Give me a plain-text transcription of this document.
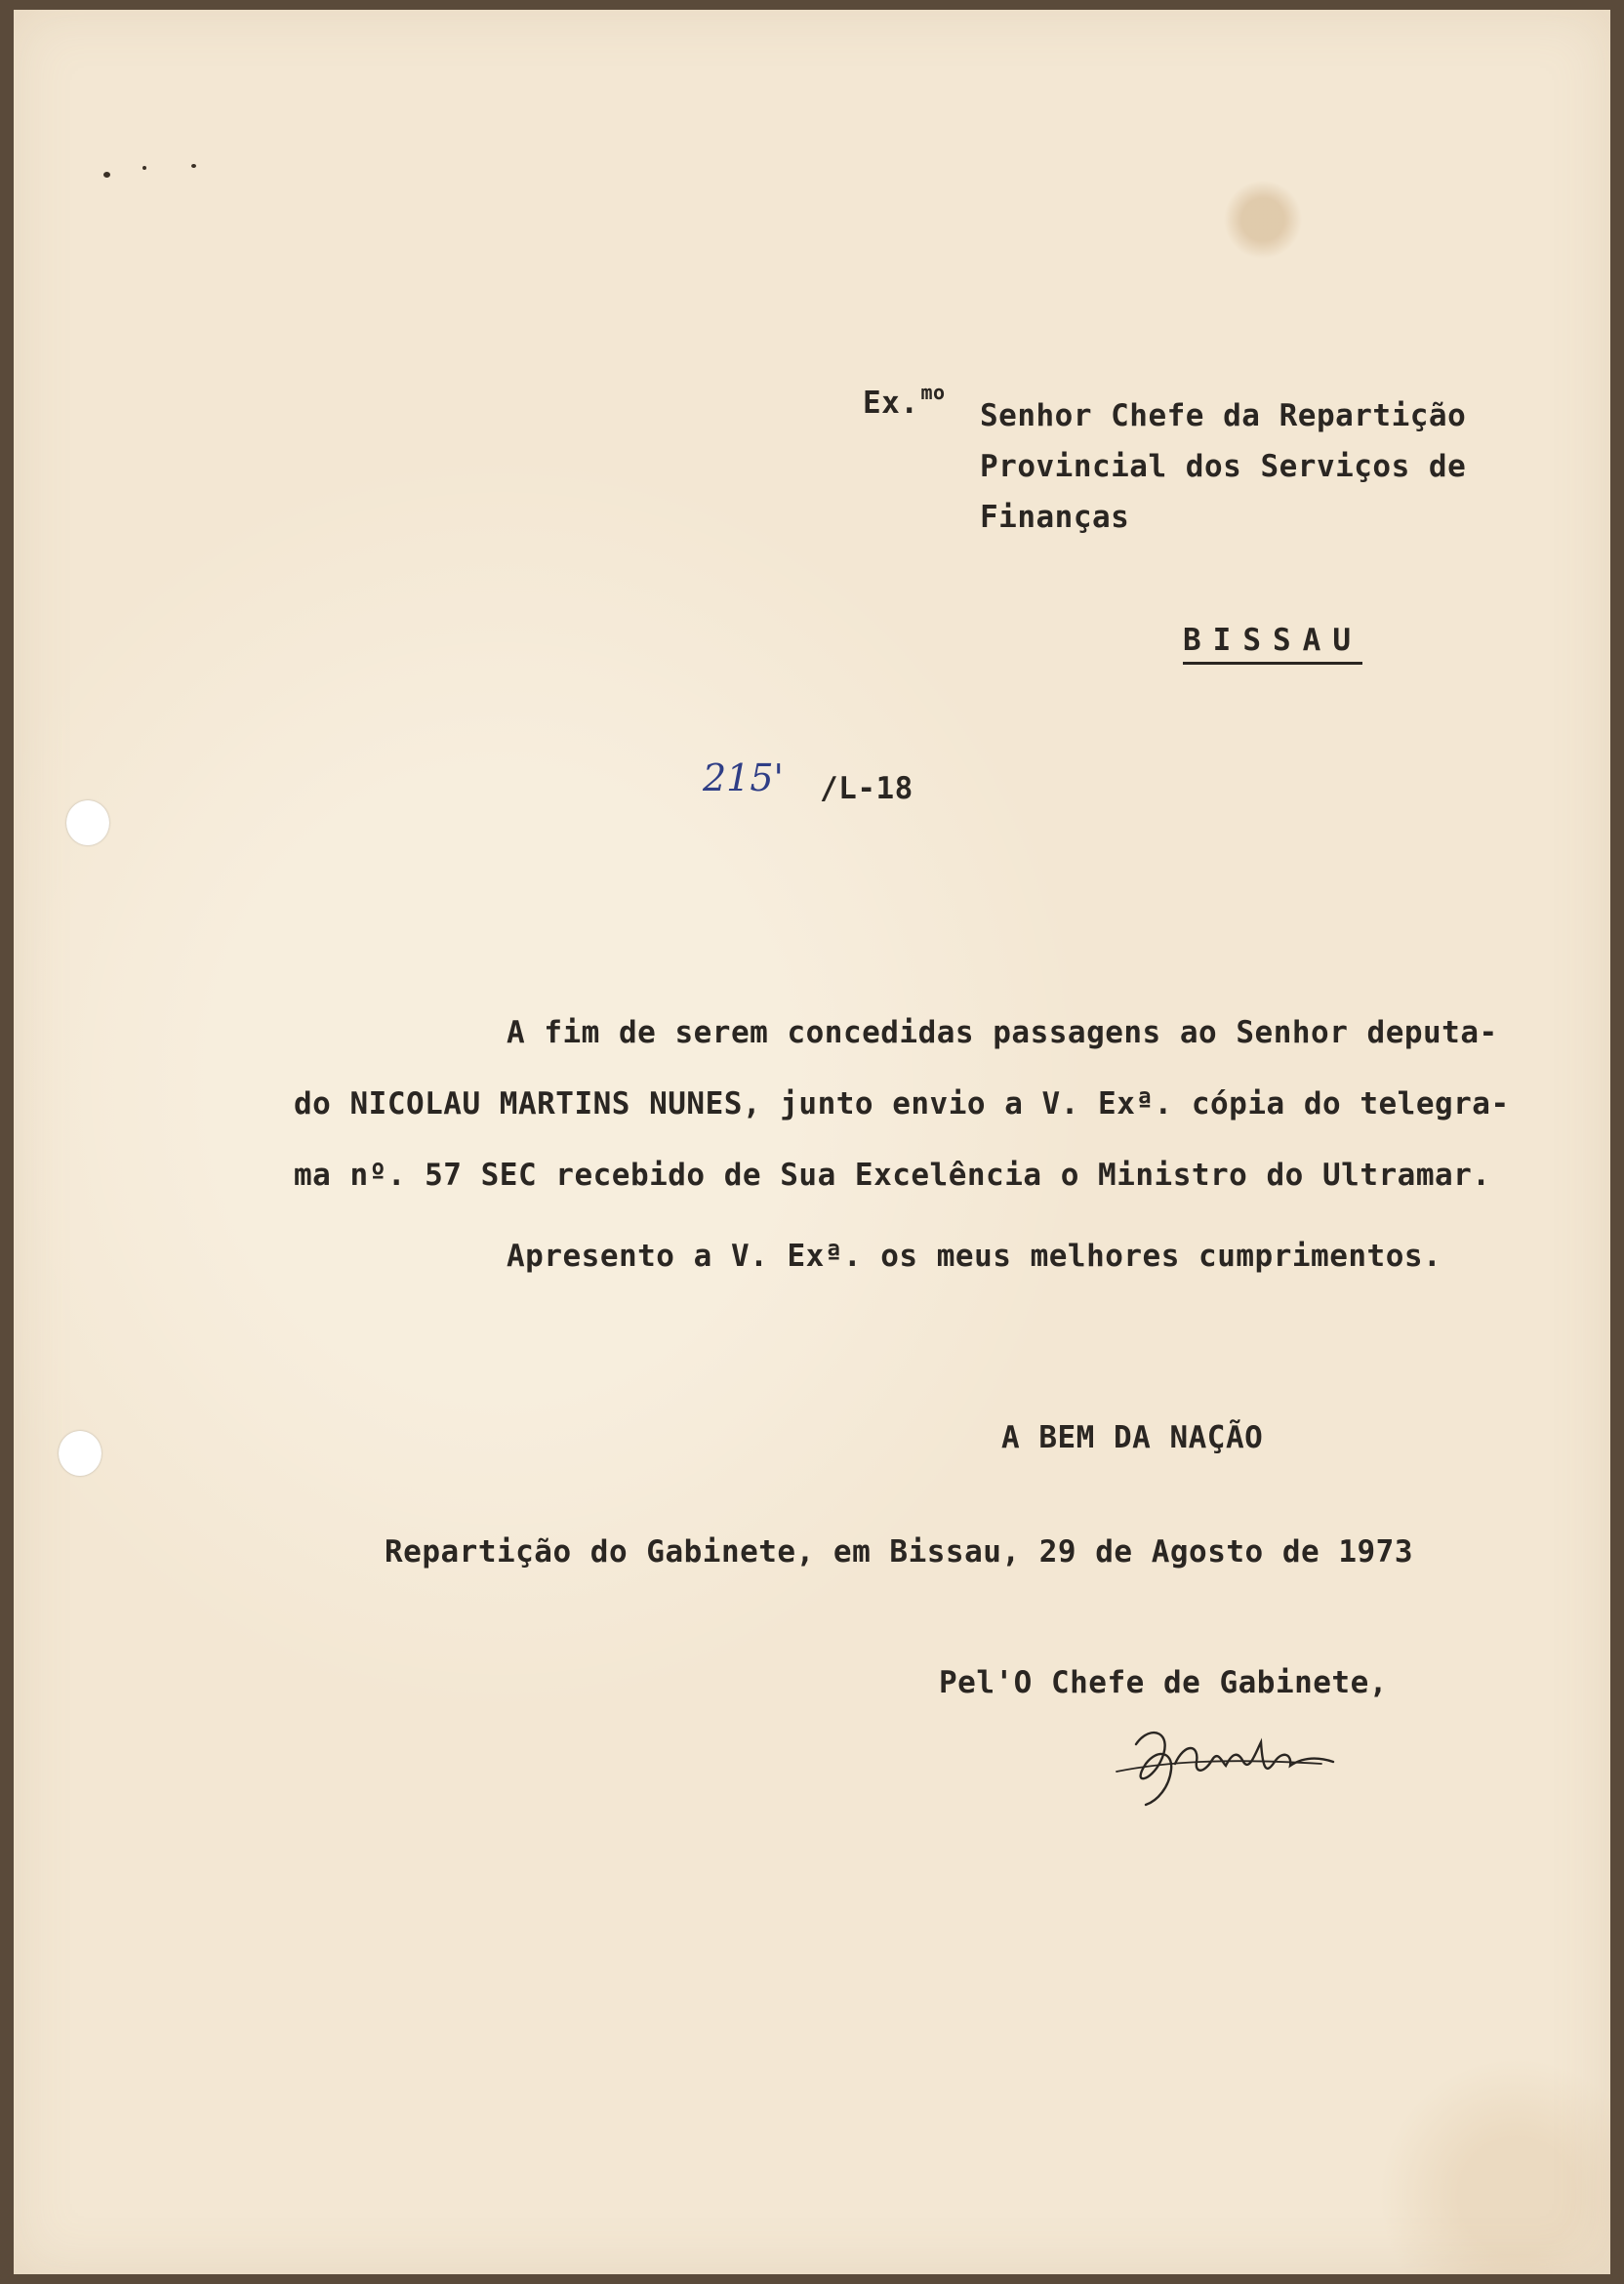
Ex. $^{mo}$
Senhor Chefe da Repartição
Provincial dos Serviços de
Finanças
BISSAU
215' /L-18
A fim de serem concedidas passagens ao Senhor deputa-
do NICOLAU MARTINS NUNES, junto envio a V. Exª. cópia do telegra-
ma nº. 57 SEC recebido de Sua Excelência o Ministro do Ultramar.
Apresento a V. Exª. os meus melhores cumprimentos.
A BEM DA NAÇÃO
Repartição do Gabinete, em Bissau, 29 de Agosto de 1973
Pel'O Chefe de Gabinete,
